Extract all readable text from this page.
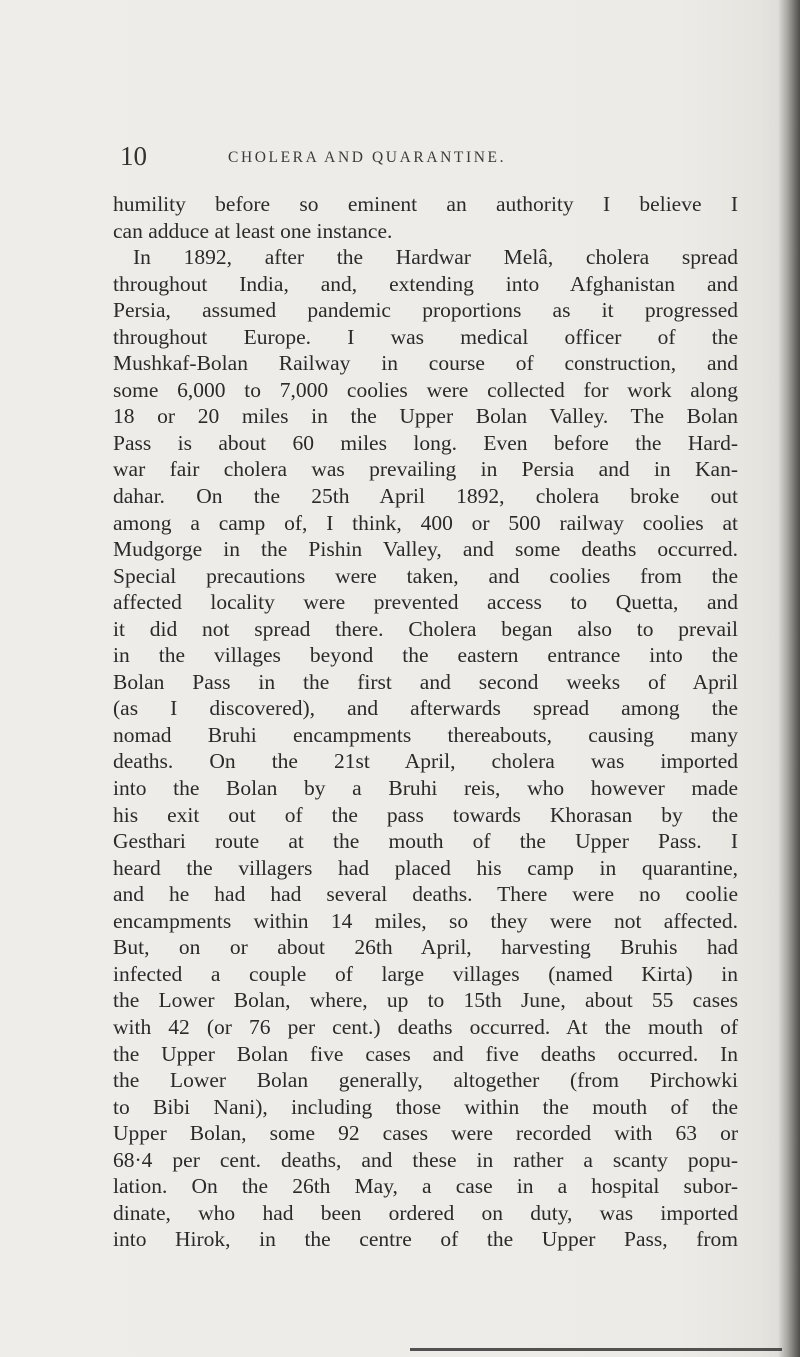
10	CHOLERA AND QUARANTINE.
humility before so eminent an authority I believe I
can adduce at least one instance.
In 1892, after the Hardwar Melâ, cholera spread
throughout India, and, extending into Afghanistan and
Persia, assumed pandemic proportions as it progressed
throughout Europe. I was medical officer of the
Mushkaf-Bolan Railway in course of construction, and
some 6,000 to 7,000 coolies were collected for work along
18 or 20 miles in the Upper Bolan Valley. The Bolan
Pass is about 60 miles long. Even before the Hard-
war fair cholera was prevailing in Persia and in Kan-
dahar. On the 25th April 1892, cholera broke out
among a camp of, I think, 400 or 500 railway coolies at
Mudgorge in the Pishin Valley, and some deaths occurred.
Special precautions were taken, and coolies from the
affected locality were prevented access to Quetta, and
it did not spread there. Cholera began also to prevail
in the villages beyond the eastern entrance into the
Bolan Pass in the first and second weeks of April
(as I discovered), and afterwards spread among the
nomad Bruhi encampments thereabouts, causing many
deaths. On the 21st April, cholera was imported
into the Bolan by a Bruhi reis, who however made
his exit out of the pass towards Khorasan by the
Gesthari route at the mouth of the Upper Pass. I
heard the villagers had placed his camp in quarantine,
and he had had several deaths. There were no coolie
encampments within 14 miles, so they were not affected.
But, on or about 26th April, harvesting Bruhis had
infected a couple of large villages (named Kirta) in
the Lower Bolan, where, up to 15th June, about 55 cases
with 42 (or 76 per cent.) deaths occurred. At the mouth of
the Upper Bolan five cases and five deaths occurred. In
the Lower Bolan generally, altogether (from Pirchowki
to Bibi Nani), including those within the mouth of the
Upper Bolan, some 92 cases were recorded with 63 or
68·4 per cent. deaths, and these in rather a scanty popu-
lation. On the 26th May, a case in a hospital subor-
dinate, who had been ordered on duty, was imported
into Hirok, in the centre of the Upper Pass, from
